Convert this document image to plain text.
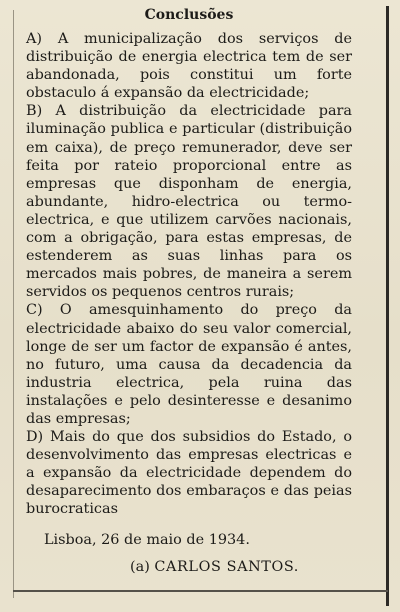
Conclusões

A) A municipalização dos serviços de distribuição de energia electrica tem de ser abandonada, pois constitui um forte obstaculo á expansão da electricidade;

B) A distribuição da electricidade para iluminação publica e particular (distribuição em caixa), de preço remunerador, deve ser feita por rateio proporcional entre as empresas que disponham de energia, abundante, hidro-electrica ou termo-electrica, e que utilizem carvões nacionais, com a obrigação, para estas empresas, de estenderem as suas linhas para os mercados mais pobres, de maneira a serem servidos os pequenos centros rurais;

C) O amesquinhamento do preço da electricidade abaixo do seu valor comercial, longe de ser um factor de expansão é antes, no futuro, uma causa da decadencia da industria electrica, pela ruina das instalações e pelo desinteresse e desanimo das empresas;

D) Mais do que dos subsidios do Estado, o desenvolvimento das empresas electricas e a expansão da electricidade dependem do desaparecimento dos embaraços e das peias burocraticas

Lisboa, 26 de maio de 1934.
(a) CARLOS SANTOS.
